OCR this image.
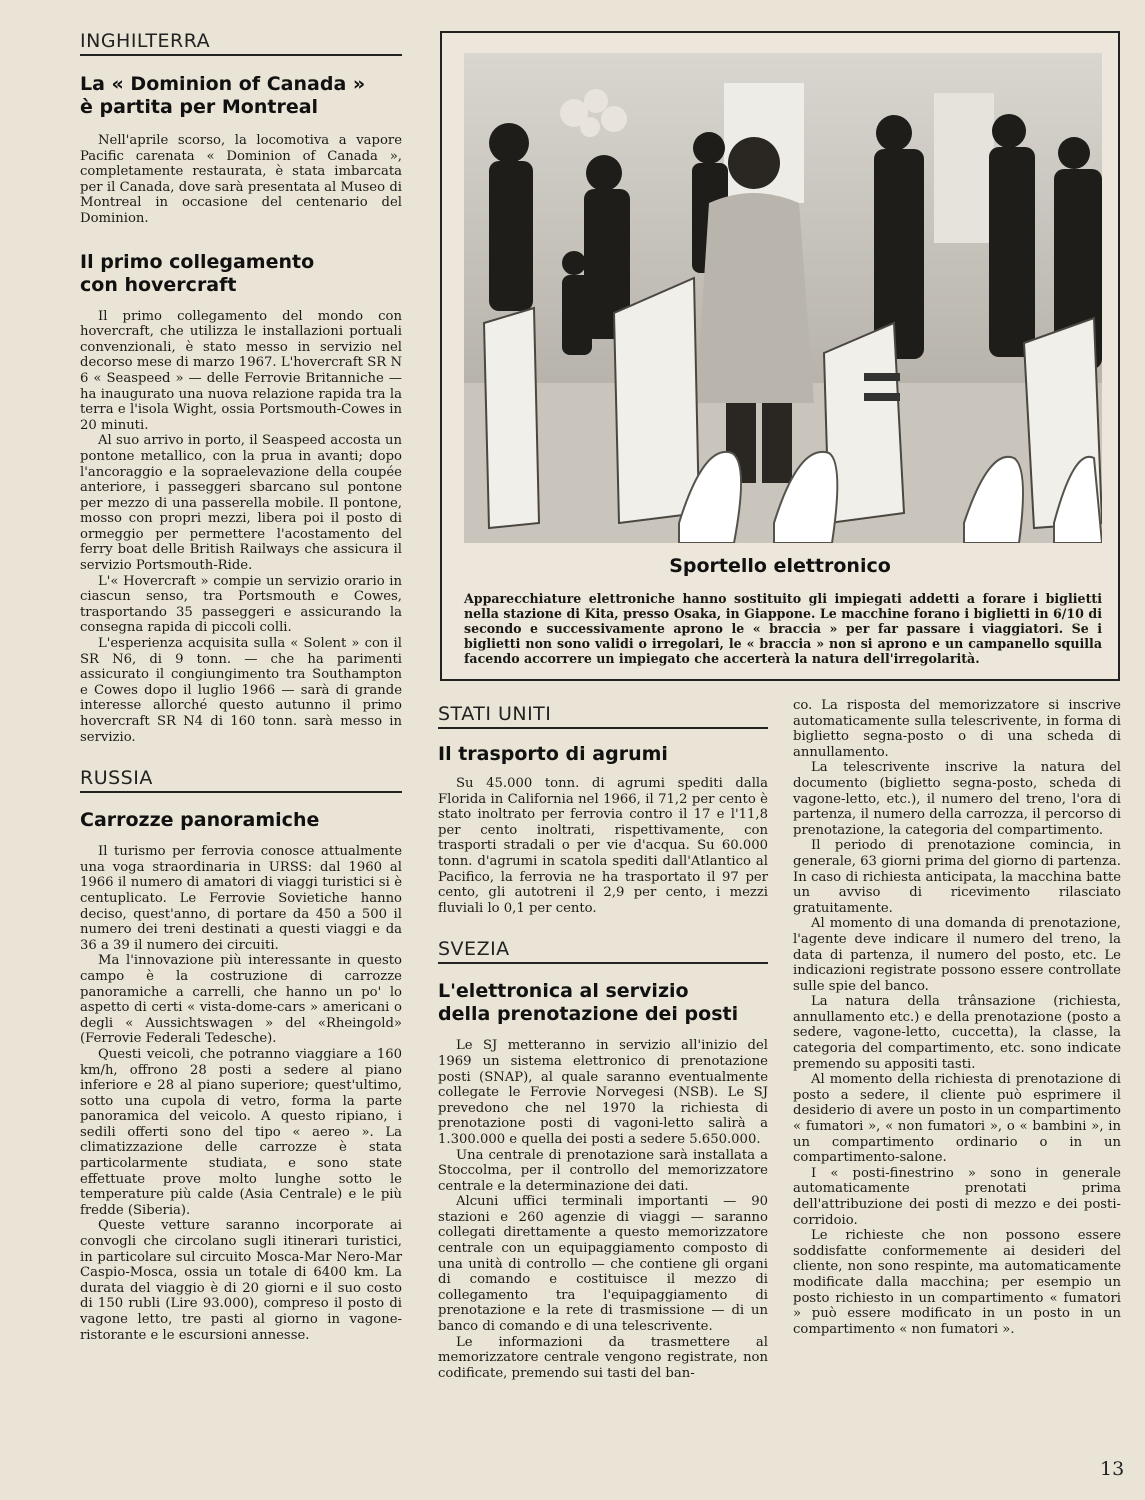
INGHILTERRA

La « Dominion of Canada »
è partita per Montreal

Nell'aprile scorso, la locomotiva a vapore Pacific carenata « Dominion of Canada », completamente restaurata, è stata imbarcata per il Canada, dove sarà presentata al Museo di Montreal in occasione del centenario del Dominion.

Il primo collegamento
con hovercraft

Il primo collegamento del mondo con hovercraft, che utilizza le installazioni portuali convenzionali, è stato messo in servizio nel decorso mese di marzo 1967. L'hovercraft SR N 6 « Seaspeed » — delle Ferrovie Britanniche — ha inaugurato una nuova relazione rapida tra la terra e l'isola Wight, ossia Portsmouth-Cowes in 20 minuti.

Al suo arrivo in porto, il Seaspeed accosta un pontone metallico, con la prua in avanti; dopo l'ancoraggio e la sopraelevazione della coupée anteriore, i passeggeri sbarcano sul pontone per mezzo di una passerella mobile. Il pontone, mosso con propri mezzi, libera poi il posto di ormeggio per permettere l'acostamento del ferry boat delle British Railways che assicura il servizio Portsmouth-Ride.

L'« Hovercraft » compie un servizio orario in ciascun senso, tra Portsmouth e Cowes, trasportando 35 passeggeri e assicurando la consegna rapida di piccoli colli.

L'esperienza acquisita sulla « Solent » con il SR N6, di 9 tonn. — che ha parimenti assicurato il congiungimento tra Southampton e Cowes dopo il luglio 1966 — sarà di grande interesse allorché questo autunno il primo hovercraft SR N4 di 160 tonn. sarà messo in servizio.

RUSSIA

Carrozze panoramiche

Il turismo per ferrovia conosce attualmente una voga straordinaria in URSS: dal 1960 al 1966 il numero di amatori di viaggi turistici si è centuplicato. Le Ferrovie Sovietiche hanno deciso, quest'anno, di portare da 450 a 500 il numero dei treni destinati a questi viaggi e da 36 a 39 il numero dei circuiti.

Ma l'innovazione più interessante in questo campo è la costruzione di carrozze panoramiche a carrelli, che hanno un po' lo aspetto di certi « vista-dome-cars » americani o degli « Aussichtswagen » del «Rheingold» (Ferrovie Federali Tedesche).

Questi veicoli, che potranno viaggiare a 160 km/h, offrono 28 posti a sedere al piano inferiore e 28 al piano superiore; quest'ultimo, sotto una cupola di vetro, forma la parte panoramica del veicolo. A questo ripiano, i sedili offerti sono del tipo « aereo ». La climatizzazione delle carrozze è stata particolarmente studiata, e sono state effettuate prove molto lunghe sotto le temperature più calde (Asia Centrale) e le più fredde (Siberia).

Queste vetture saranno incorporate ai convogli che circolano sugli itinerari turistici, in particolare sul circuito Mosca-Mar Nero-Mar Caspio-Mosca, ossia un totale di 6400 km. La durata del viaggio è di 20 giorni e il suo costo di 150 rubli (Lire 93.000), compreso il posto di vagone letto, tre pasti al giorno in vagone-ristorante e le escursioni annesse.

Sportello elettronico
Apparecchiature elettroniche hanno sostituito gli impiegati addetti a forare i biglietti nella stazione di Kita, presso Osaka, in Giappone. Le macchine forano i biglietti in 6/10 di secondo e successivamente aprono le « braccia » per far passare i viaggiatori. Se i biglietti non sono validi o irregolari, le « braccia » non si aprono e un campanello squilla facendo accorrere un impiegato che accerterà la natura dell'irregolarità.

STATI UNITI

Il trasporto di agrumi

Su 45.000 tonn. di agrumi spediti dalla Florida in California nel 1966, il 71,2 per cento è stato inoltrato per ferrovia contro il 17 e l'11,8 per cento inoltrati, rispettivamente, con trasporti stradali o per vie d'acqua. Su 60.000 tonn. d'agrumi in scatola spediti dall'Atlantico al Pacifico, la ferrovia ne ha trasportato il 97 per cento, gli autotreni il 2,9 per cento, i mezzi fluviali lo 0,1 per cento.

SVEZIA

L'elettronica al servizio
della prenotazione dei posti

Le SJ metteranno in servizio all'inizio del 1969 un sistema elettronico di prenotazione posti (SNAP), al quale saranno eventualmente collegate le Ferrovie Norvegesi (NSB). Le SJ prevedono che nel 1970 la richiesta di prenotazione posti di vagoni-letto salirà a 1.300.000 e quella dei posti a sedere 5.650.000.

Una centrale di prenotazione sarà installata a Stoccolma, per il controllo del memorizzatore centrale e la determinazione dei dati.

Alcuni uffici terminali importanti — 90 stazioni e 260 agenzie di viaggi — saranno collegati direttamente a questo memorizzatore centrale con un equipaggiamento composto di una unità di controllo — che contiene gli organi di comando e costituisce il mezzo di collegamento tra l'equipaggiamento di prenotazione e la rete di trasmissione — di un banco di comando e di una telescrivente.

Le informazioni da trasmettere al memorizzatore centrale vengono registrate, non codificate, premendo sui tasti del ban-

co. La risposta del memorizzatore si inscrive automaticamente sulla telescrivente, in forma di biglietto segna-posto o di una scheda di annullamento.

La telescrivente inscrive la natura del documento (biglietto segna-posto, scheda di vagone-letto, etc.), il numero del treno, l'ora di partenza, il numero della carrozza, il percorso di prenotazione, la categoria del compartimento.

Il periodo di prenotazione comincia, in generale, 63 giorni prima del giorno di partenza. In caso di richiesta anticipata, la macchina batte un avviso di ricevimento rilasciato gratuitamente.

Al momento di una domanda di prenotazione, l'agente deve indicare il numero del treno, la data di partenza, il numero del posto, etc. Le indicazioni registrate possono essere controllate sulle spie del banco.

La natura della trânsazione (richiesta, annullamento etc.) e della prenotazione (posto a sedere, vagone-letto, cuccetta), la classe, la categoria del compartimento, etc. sono indicate premendo su appositi tasti.

Al momento della richiesta di prenotazione di posto a sedere, il cliente può esprimere il desiderio di avere un posto in un compartimento « fumatori », « non fumatori », o « bambini », in un compartimento ordinario o in un compartimento-salone.

I « posti-finestrino » sono in generale automaticamente prenotati prima dell'attribuzione dei posti di mezzo e dei posti-corridoio.

Le richieste che non possono essere soddisfatte conformemente ai desideri del cliente, non sono respinte, ma automaticamente modificate dalla macchina; per esempio un posto richiesto in un compartimento « fumatori » può essere modificato in un posto in un compartimento « non fumatori ».

13
